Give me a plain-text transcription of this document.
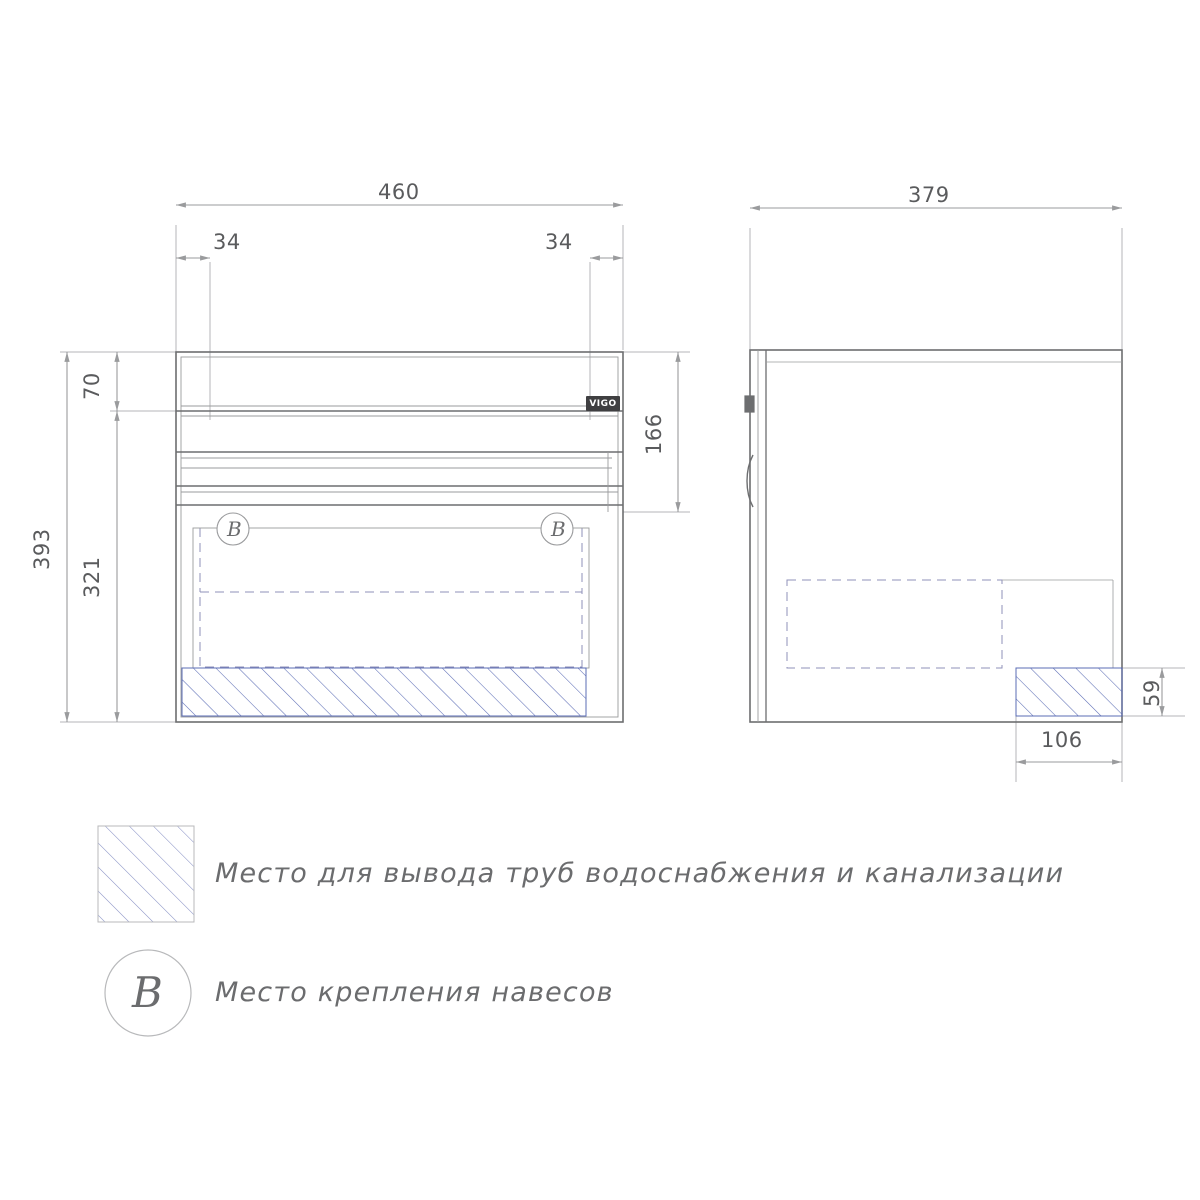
460
34	34
393
70
321
166
379
106
59
B	B
B
VIGO
Место для вывода труб водоснабжения и канализации
Место крепления навесов
